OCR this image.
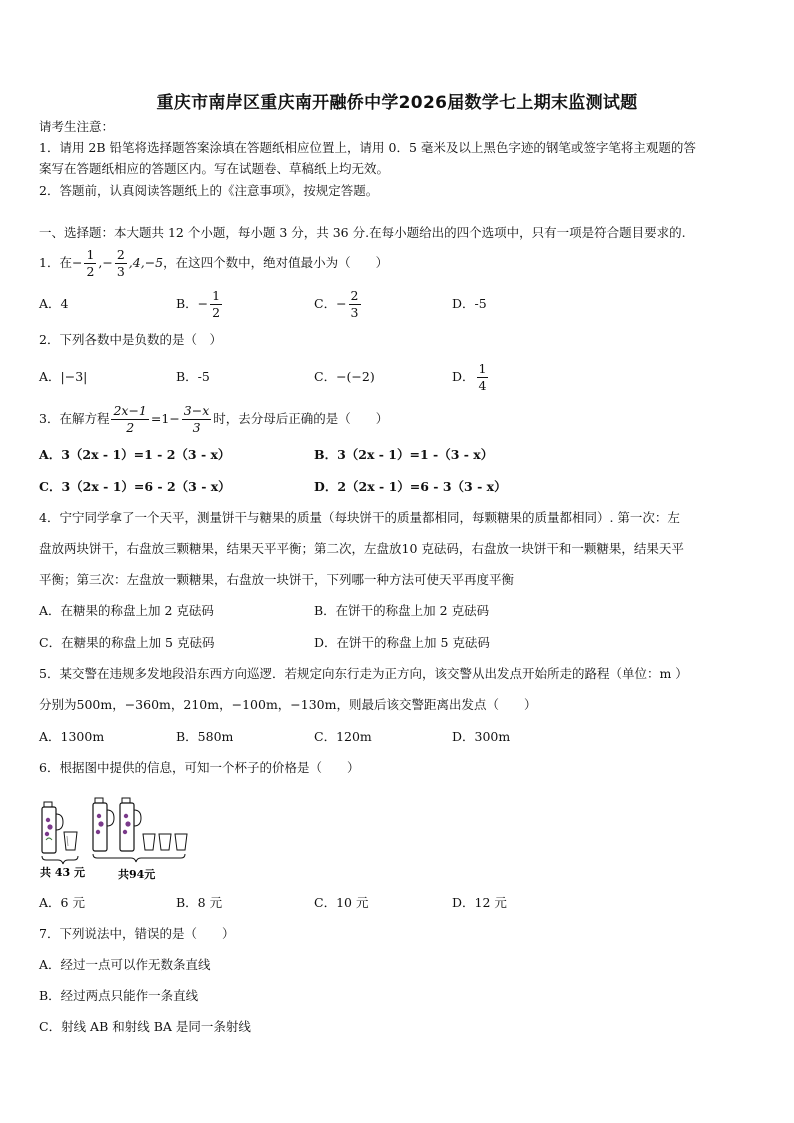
重庆市南岸区重庆南开融侨中学2026届数学七上期末监测试题
请考生注意：
1．请用 2B 铅笔将选择题答案涂填在答题纸相应位置上，请用 0．5 毫米及以上黑色字迹的钢笔或签字笔将主观题的答
案写在答题纸相应的答题区内。写在试题卷、草稿纸上均无效。
2．答题前，认真阅读答题纸上的《注意事项》，按规定答题。
一、选择题：本大题共 12 个小题，每小题 3 分，共 36 分.在每小题给出的四个选项中，只有一项是符合题目要求的.
1．在− $\frac{1}{2}$ ,− $\frac{2}{3} ,4,-5$，在这四个数中，绝对值最小为（　　）
A．4	B．− $\frac{1}{2}$	C．− $\frac{2}{3}$	D．-5
2．下列各数中是负数的是（　）
A．|−3|	B．-5	C．−(−2)	D． $\frac{1}{4}$
3．在解方程 $\frac{2x-1}{2} =1- \frac{3-x}{3}$ 时，去分母后正确的是（　　）
A．3（2x - 1）=1 - 2（3 - x）	B．3（2x - 1）=1 -（3 - x）
C．3（2x - 1）=6 - 2（3 - x）	D．2（2x - 1）=6 - 3（3 - x）
4．宁宁同学拿了一个天平，测量饼干与糖果的质量（每块饼干的质量都相同，每颗糖果的质量都相同）. 第一次：左
盘放两块饼干，右盘放三颗糖果，结果天平平衡；第二次，左盘放10 克砝码，右盘放一块饼干和一颗糖果，结果天平
平衡；第三次：左盘放一颗糖果，右盘放一块饼干，下列哪一种方法可使天平再度平衡
A．在糖果的称盘上加 2 克砝码	B．在饼干的称盘上加 2 克砝码
C．在糖果的称盘上加 5 克砝码	D．在饼干的称盘上加 5 克砝码
5．某交警在违规多发地段沿东西方向巡逻．若规定向东行走为正方向，该交警从出发点开始所走的路程（单位：m ）
分别为500m，−360m，210m，−100m，−130m，则最后该交警距离出发点（　　）
A．1300m	B．580m	C．120m	D．300m
6．根据图中提供的信息，可知一个杯子的价格是（　　）
共 43 元	共94元
A．6 元	B．8 元	C．10 元	D．12 元
7．下列说法中，错误的是（　　）
A．经过一点可以作无数条直线
B．经过两点只能作一条直线
C．射线 AB 和射线 BA 是同一条射线
